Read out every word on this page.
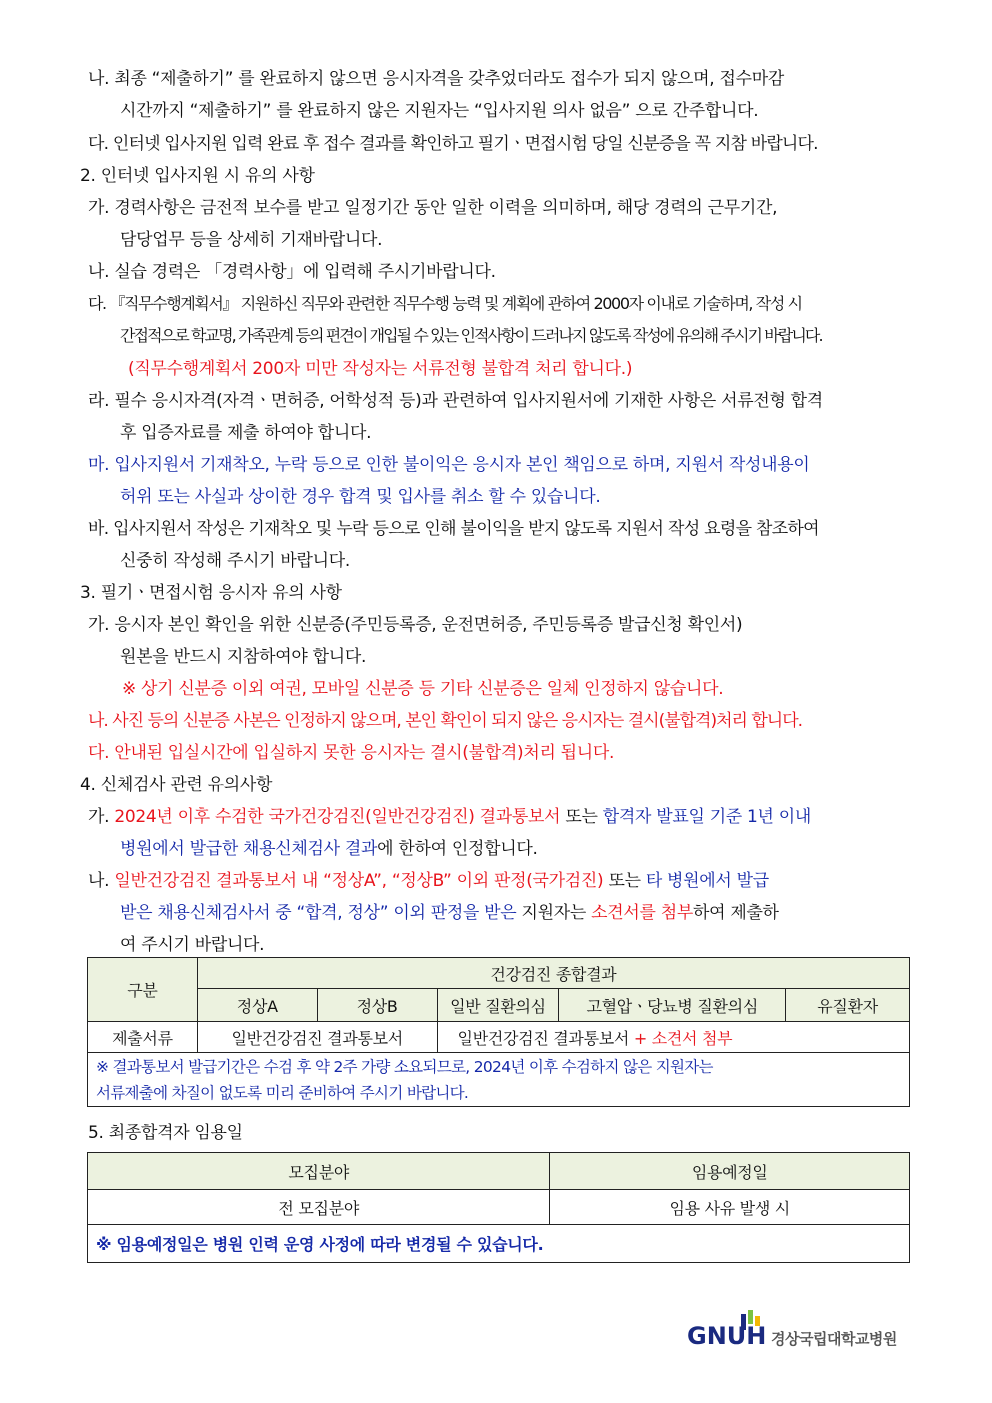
나. 최종 “제출하기” 를 완료하지 않으면 응시자격을 갖추었더라도 접수가 되지 않으며, 접수마감
시간까지 “제출하기” 를 완료하지 않은 지원자는 “입사지원 의사 없음” 으로 간주합니다.
다. 인터넷 입사지원 입력 완료 후 접수 결과를 확인하고 필기ㆍ면접시험 당일 신분증을 꼭 지참 바랍니다.
2. 인터넷 입사지원 시 유의 사항
가. 경력사항은 금전적 보수를 받고 일정기간 동안 일한 이력을 의미하며, 해당 경력의 근무기간,
담당업무 등을 상세히 기재바랍니다.
나. 실습 경력은 「경력사항」에 입력해 주시기바랍니다.
다. 『직무수행계획서』 지원하신 직무와 관련한 직무수행 능력 및 계획에 관하여 2000자 이내로 기술하며, 작성 시
간접적으로 학교명, 가족관계 등의 편견이 개입될 수 있는 인적사항이 드러나지 않도록 작성에 유의해 주시기 바랍니다.
(직무수행계획서 200자 미만 작성자는 서류전형 불합격 처리 합니다.)
라. 필수 응시자격(자격ㆍ면허증, 어학성적 등)과 관련하여 입사지원서에 기재한 사항은 서류전형 합격
후 입증자료를 제출 하여야 합니다.
마. 입사지원서 기재착오, 누락 등으로 인한 불이익은 응시자 본인 책임으로 하며, 지원서 작성내용이
허위 또는 사실과 상이한 경우 합격 및 입사를 취소 할 수 있습니다.
바. 입사지원서 작성은 기재착오 및 누락 등으로 인해 불이익을 받지 않도록 지원서 작성 요령을 참조하여
신중히 작성해 주시기 바랍니다.
3. 필기ㆍ면접시험 응시자 유의 사항
가. 응시자 본인 확인을 위한 신분증(주민등록증, 운전면허증, 주민등록증 발급신청 확인서)
원본을 반드시 지참하여야 합니다.
※ 상기 신분증 이외 여권, 모바일 신분증 등 기타 신분증은 일체 인정하지 않습니다.
나. 사진 등의 신분증 사본은 인정하지 않으며, 본인 확인이 되지 않은 응시자는 결시(불합격)처리 합니다.
다. 안내된 입실시간에 입실하지 못한 응시자는 결시(불합격)처리 됩니다.
4. 신체검사 관련 유의사항
가. 2024년 이후 수검한 국가건강검진(일반건강검진) 결과통보서 또는 합격자 발표일 기준 1년 이내
병원에서 발급한 채용신체검사 결과에 한하여 인정합니다.
나. 일반건강검진 결과통보서 내 “정상A”, “정상B” 이외 판정(국가검진) 또는 타 병원에서 발급
받은 채용신체검사서 중 “합격, 정상” 이외 판정을 받은 지원자는 소견서를 첨부하여 제출하
여 주시기 바랍니다.
구분	건강검진 종합결과				
	정상A	정상B	일반 질환의심	고혈압ㆍ당뇨병 질환의심	유질환자
제출서류	일반건강검진 결과통보서		일반건강검진 결과통보서 + 소견서 첨부		

※ 결과통보서 발급기간은 수검 후 약 2주 가량 소요되므로, 2024년 이후 수검하지 않은 지원자는
서류제출에 차질이 없도록 미리 준비하여 주시기 바랍니다.					
5. 최종합격자 임용일
모집분야	임용예정일
전 모집분야	임용 사유 발생 시
※ 임용예정일은 병원 인력 운영 사정에 따라 변경될 수 있습니다.	
GNUH 경상국립대학교병원
